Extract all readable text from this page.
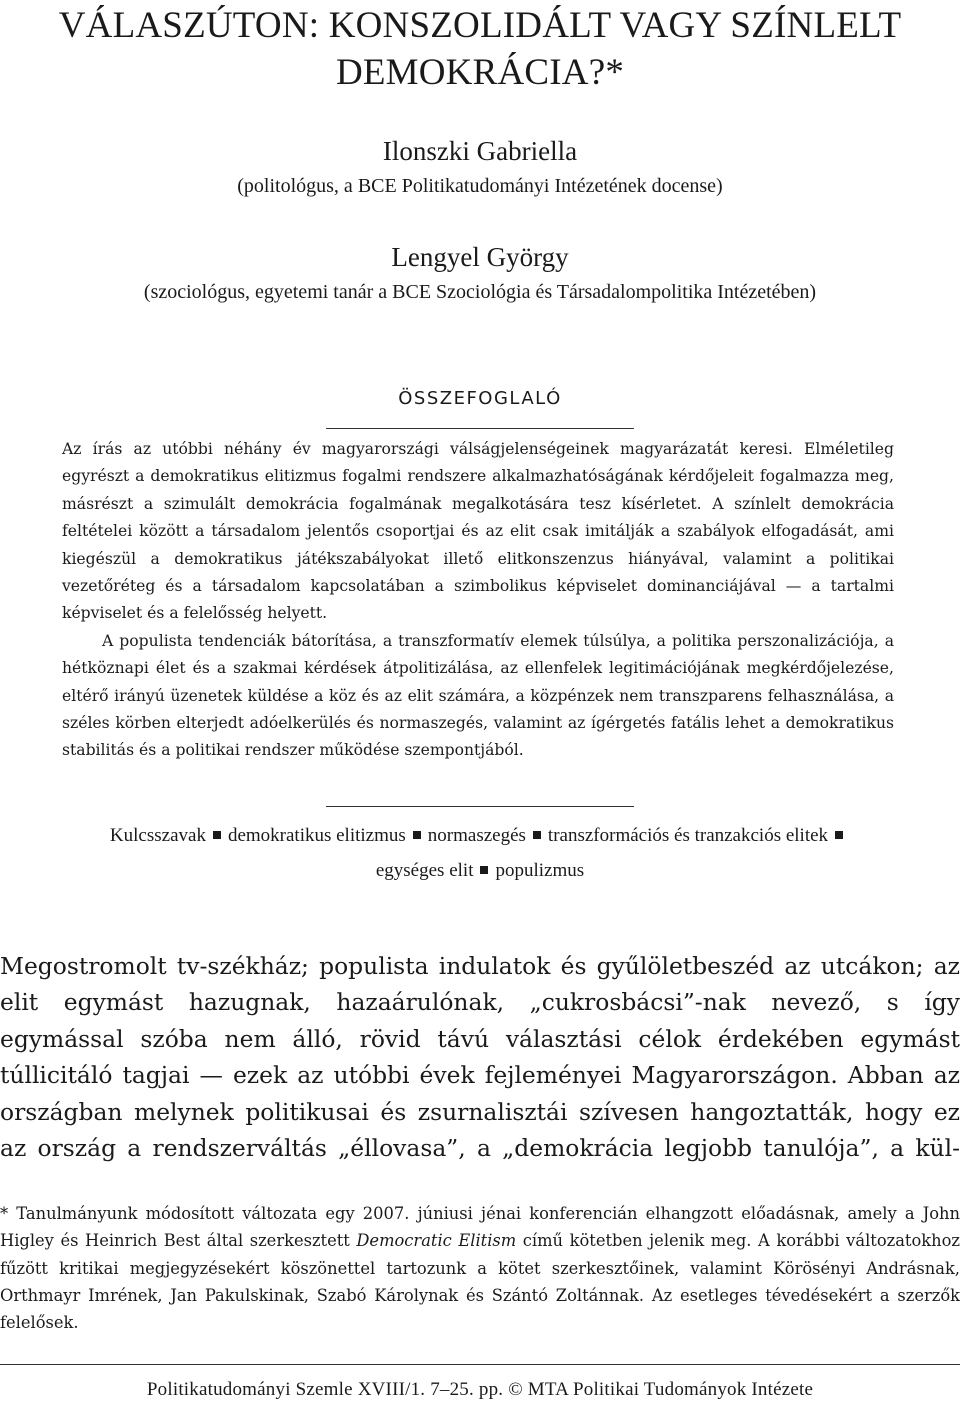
VÁLASZÚTON: KONSZOLIDÁLT VAGY SZÍNLELT DEMOKRÁCIA?*
Ilonszki Gabriella
(politológus, a BCE Politikatudományi Intézetének docense)
Lengyel György
(szociológus, egyetemi tanár a BCE Szociológia és Társadalompolitika Intézetében)
ÖSSZEFOGLALÓ

Az írás az utóbbi néhány év magyarországi válságjelenségeinek magyarázatát keresi. Elméletileg egyrészt a demokratikus elitizmus fogalmi rendszere alkalmazhatóságának kérdőjeleit fogalmazza meg, másrészt a szimulált demokrácia fogalmának megalkotására tesz kísérletet. A színlelt demokrácia feltételei között a társadalom jelentős csoportjai és az elit csak imitálják a szabályok elfogadását, ami kiegészül a demokratikus játékszabályokat illető elitkonszenzus hiányával, valamint a politikai vezetőréteg és a társadalom kapcsolatában a szimbolikus képviselet dominanciájával — a tartalmi képviselet és a felelősség helyett.

A populista tendenciák bátorítása, a transzformatív elemek túlsúlya, a politika perszonalizációja, a hétköznapi élet és a szakmai kérdések átpolitizálása, az ellenfelek legitimációjának megkérdőjelezése, eltérő irányú üzenetek küldése a köz és az elit számára, a közpénzek nem transzparens felhasználása, a széles körben elterjedt adóelkerülés és normaszegés, valamint az ígérgetés fatális lehet a demokratikus stabilitás és a politikai rendszer működése szempontjából.

Kulcsszavak demokratikus elitizmus normaszegés transzformációs és tranzakciós elitekegységes elit populizmus

Megostromolt tv-székház; populista indulatok és gyűlöletbeszéd az utcákon; az elit egymást hazugnak, hazaárulónak, „cukrosbácsi”-nak nevező, s így egymással szóba nem álló, rövid távú választási célok érdekében egymást túllicitáló tagjai — ezek az utóbbi évek fejleményei Magyarországon. Abban az országban melynek politikusai és zsurnalisztái szívesen hangoztatták, hogy ez az ország a rendszerváltás „éllovasa”, a „demokrácia legjobb tanulója”, a kül-

* Tanulmányunk módosított változata egy 2007. júniusi jénai konferencián elhangzott előadásnak, amely a John Higley és Heinrich Best által szerkesztett Democratic Elitism című kötetben jelenik meg. A korábbi változatokhoz fűzött kritikai megjegyzésekért köszönettel tartozunk a kötet szerkesztőinek, valamint Körösényi Andrásnak, Orthmayr Imrének, Jan Pakulskinak, Szabó Károlynak és Szántó Zoltánnak. Az esetleges tévedésekért a szerzők felelősek.

Politikatudományi Szemle XVIII/1. 7–25. pp. © MTA Politikai Tudományok Intézete
